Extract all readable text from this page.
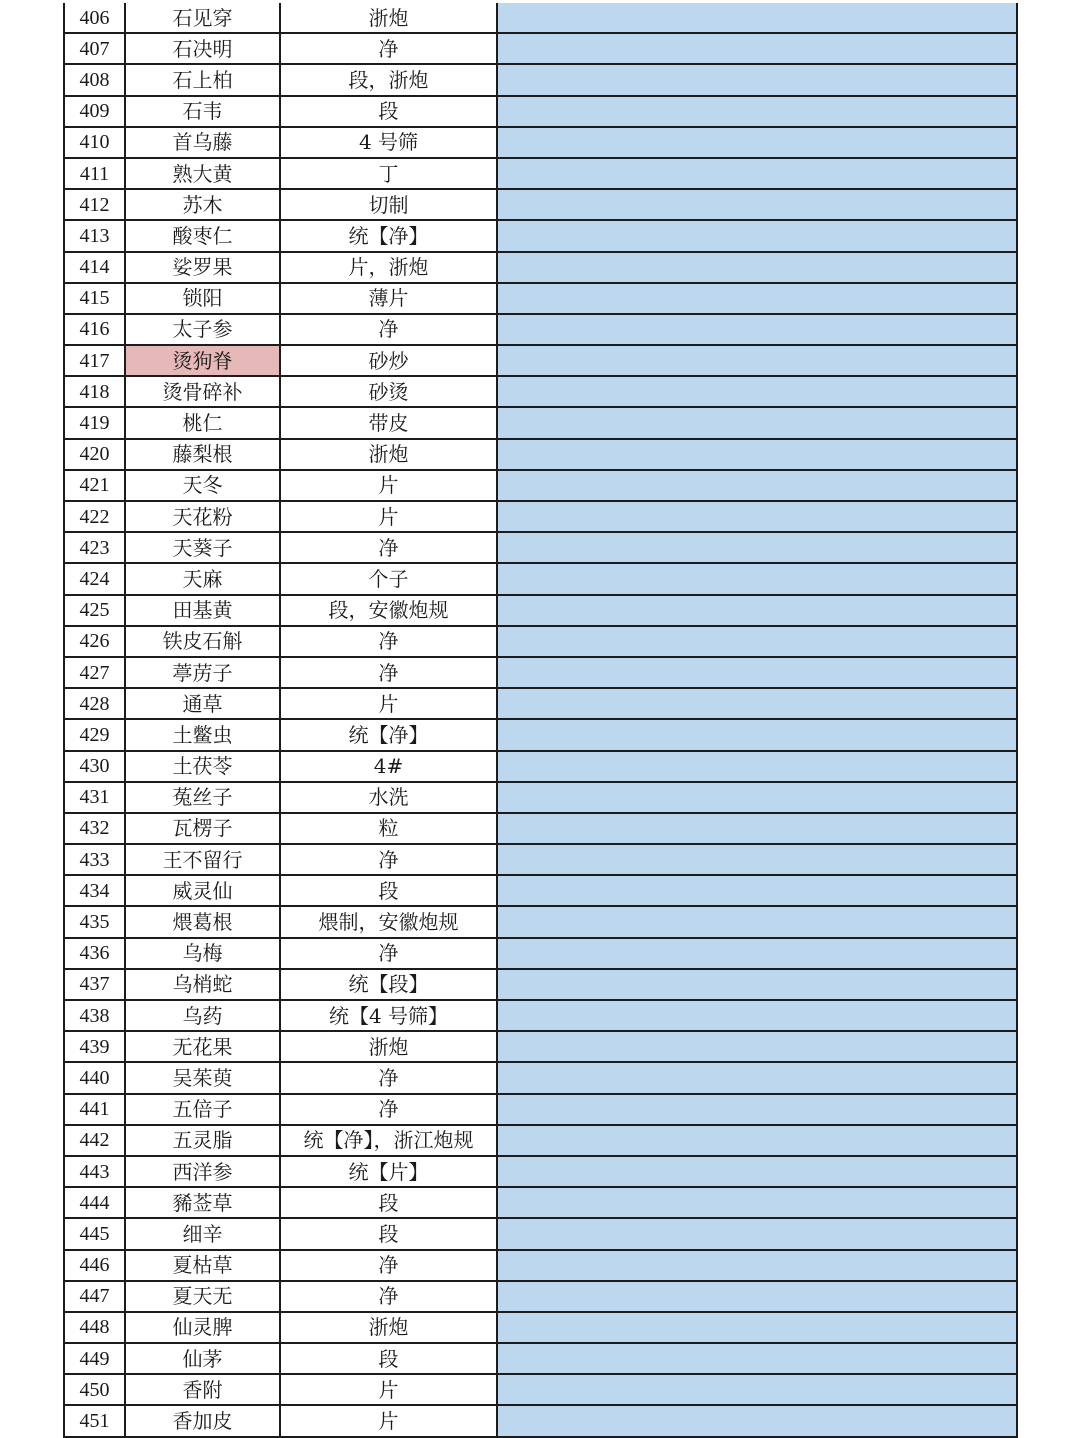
406	石见穿	浙炮	
407	石决明	净	
408	石上柏	段，浙炮	
409	石韦	段	
410	首乌藤	4 号筛	
411	熟大黄	丁	
412	苏木	切制	
413	酸枣仁	统【净】	
414	娑罗果	片，浙炮	
415	锁阳	薄片	
416	太子参	净	
417	烫狗脊	砂炒	
418	烫骨碎补	砂烫	
419	桃仁	带皮	
420	藤梨根	浙炮	
421	天冬	片	
422	天花粉	片	
423	天葵子	净	
424	天麻	个子	
425	田基黄	段，安徽炮规	
426	铁皮石斛	净	
427	葶苈子	净	
428	通草	片	
429	土鳖虫	统【净】	
430	土茯苓	4#	
431	菟丝子	水洗	
432	瓦楞子	粒	
433	王不留行	净	
434	威灵仙	段	
435	煨葛根	煨制，安徽炮规	
436	乌梅	净	
437	乌梢蛇	统【段】	
438	乌药	统【4 号筛】	
439	无花果	浙炮	
440	吴茱萸	净	
441	五倍子	净	
442	五灵脂	统【净】，浙江炮规	
443	西洋参	统【片】	
444	豨莶草	段	
445	细辛	段	
446	夏枯草	净	
447	夏天无	净	
448	仙灵脾	浙炮	
449	仙茅	段	
450	香附	片	
451	香加皮	片	
